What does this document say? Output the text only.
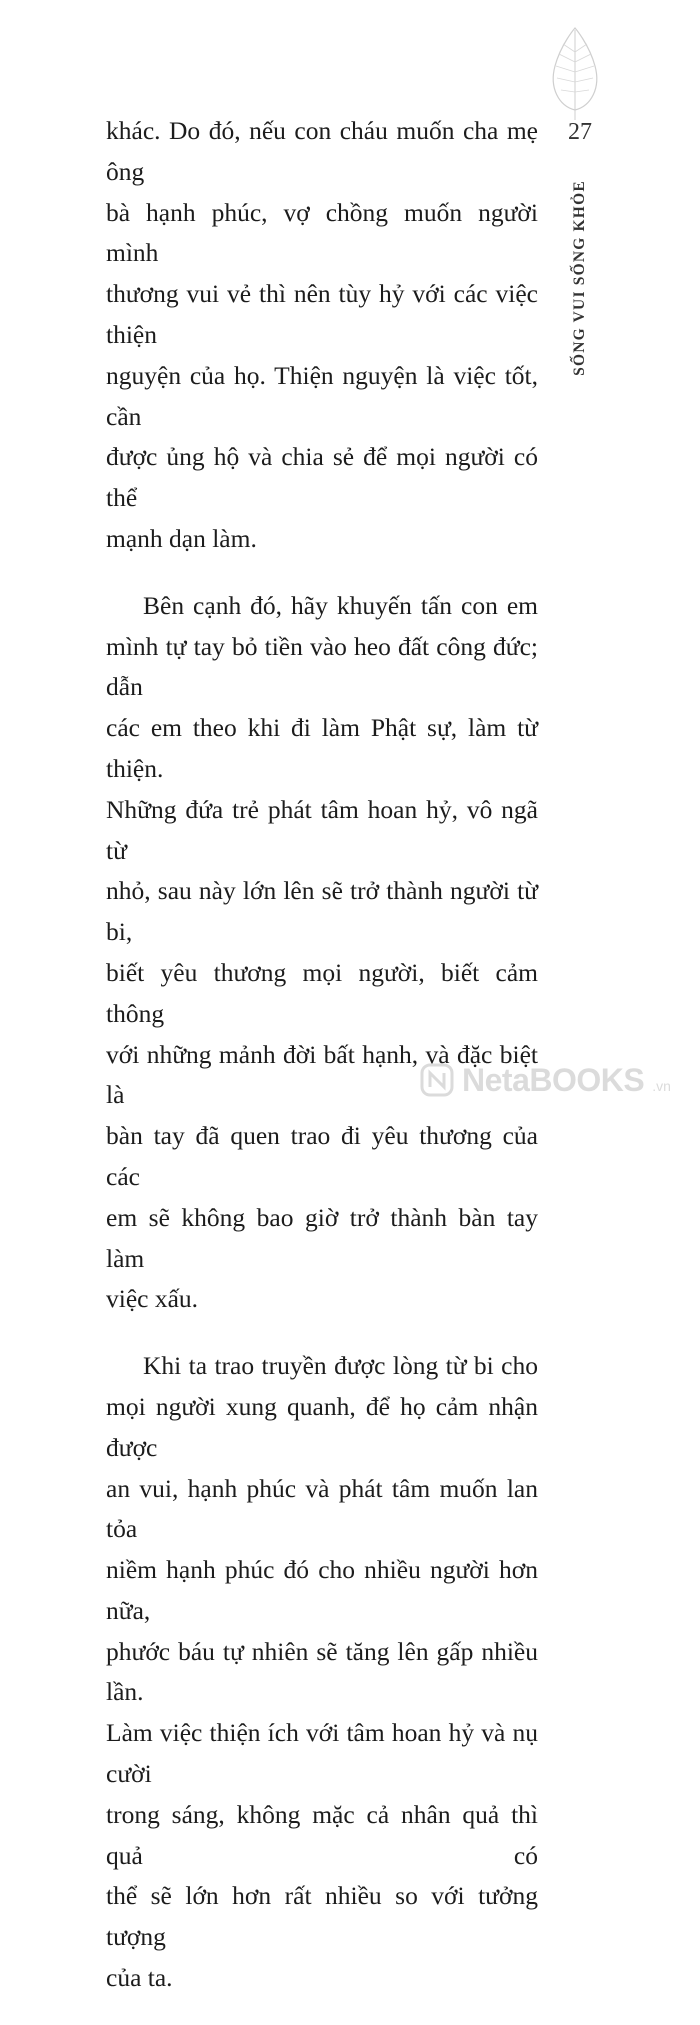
27
SỐNG VUI SỐNG KHỎE

khác. Do đó, nếu con cháu muốn cha mẹ ông
bà hạnh phúc, vợ chồng muốn người mình
thương vui vẻ thì nên tùy hỷ với các việc thiện
nguyện của họ. Thiện nguyện là việc tốt, cần
được ủng hộ và chia sẻ để mọi người có thể
mạnh dạn làm.

Bên cạnh đó, hãy khuyến tấn con em
mình tự tay bỏ tiền vào heo đất công đức; dẫn
các em theo khi đi làm Phật sự, làm từ thiện.
Những đứa trẻ phát tâm hoan hỷ, vô ngã từ
nhỏ, sau này lớn lên sẽ trở thành người từ bi,
biết yêu thương mọi người, biết cảm thông
với những mảnh đời bất hạnh, và đặc biệt là
bàn tay đã quen trao đi yêu thương của các
em sẽ không bao giờ trở thành bàn tay làm
việc xấu.

Khi ta trao truyền được lòng từ bi cho
mọi người xung quanh, để họ cảm nhận được
an vui, hạnh phúc và phát tâm muốn lan tỏa
niềm hạnh phúc đó cho nhiều người hơn nữa,
phước báu tự nhiên sẽ tăng lên gấp nhiều lần.
Làm việc thiện ích với tâm hoan hỷ và nụ cười
trong sáng, không mặc cả nhân quả thì quả có
thể sẽ lớn hơn rất nhiều so với tưởng tượng
của ta.

NetaBOOKS .vn
